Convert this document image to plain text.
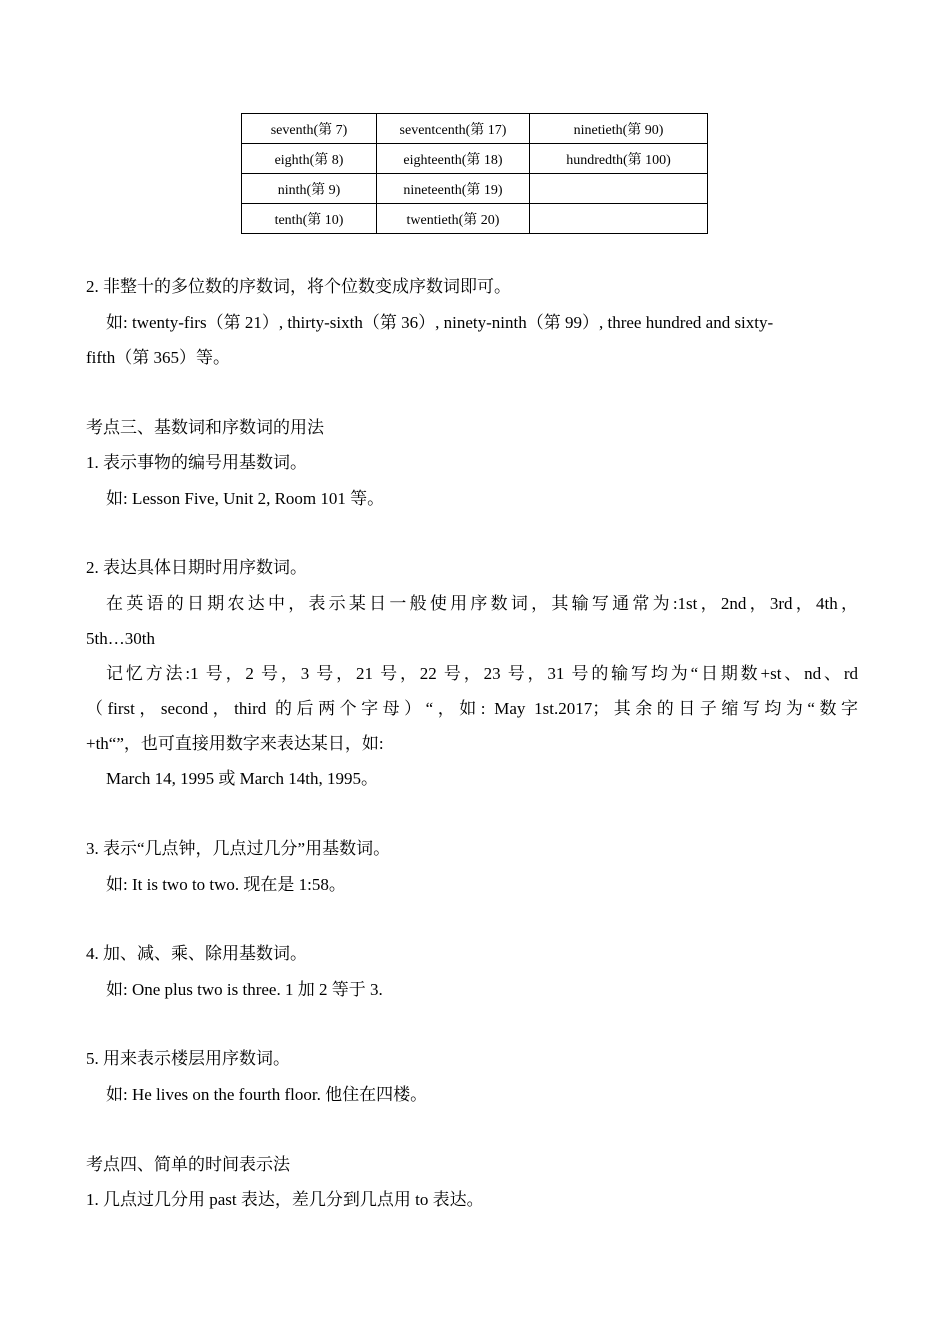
seventh(第 7)	seventcenth(第 17)	ninetieth(第 90)
eighth(第 8)	eighteenth(第 18)	hundredth(第 100)
ninth(第 9)	nineteenth(第 19)	
tenth(第 10)	twentieth(第 20)	
2. 非整十的多位数的序数词，将个位数变成序数词即可。
如: twenty-firs（第 21）, thirty-sixth（第 36）, ninety-ninth（第 99）, three hundred and sixty-
fifth（第 365）等。
考点三、基数词和序数词的用法
1. 表示事物的编号用基数词。
如: Lesson Five, Unit 2, Room 101 等。
2. 表达具体日期时用序数词。
在英语的日期农达中，表示某日一般使用序数词，其输写通常为:1st，2nd，3rd，4th，
5th…30th
记忆方法:1 号，2 号，3 号，21 号，22 号，23 号，31 号的输写均为“日期数+st、nd、rd
（first，second，third 的后两个字母）“，如: May 1st.2017；其余的日子缩写均为“数字
+th“”，也可直接用数字来表达某日，如:
March 14, 1995 或 March 14th, 1995。
3. 表示“几点钟，几点过几分”用基数词。
如: It is two to two. 现在是 1:58。
4. 加、减、乘、除用基数词。
如: One plus two is three. 1 加 2 等于 3.
5. 用来表示楼层用序数词。
如: He lives on the fourth floor. 他住在四楼。
考点四、简单的时间表示法
1. 几点过几分用 past 表达，差几分到几点用 to 表达。
